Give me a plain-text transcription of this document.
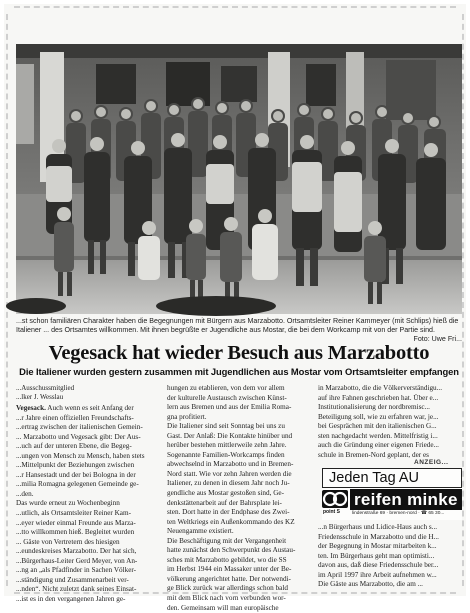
...st schon familiären Charakter haben die Begegnungen mit Bürgern aus Marzabotto. Ortsamtsleiter Reiner Kammeyer (mit Schlips) hieß die Italiener ... des Ortsamtes willkommen. Mit ihnen begrüßte er Jugendliche aus Mostar, die bei dem Workcamp mit von der Partie sind.
Foto: Uwe Fri...
Vegesack hat wieder Besuch aus Marzabotto
Die Italiener wurden gestern zusammen mit Jugendlichen aus Mostar vom Ortsamtsleiter empfangen
...Ausschussmitglied
...lker J. Wesslau
Vegesack. Auch wenn es seit Anfang der
...r Jahre einen offiziellen Freundschafts-
...ertrag zwischen der italienischen Gemein-
... Marzabotto und Vegesack gibt: Der Aus-
...uch auf der unteren Ebene, die Begeg-
...ungen von Mensch zu Mensch, haben stets
...Mittelpunkt der Beziehungen zwischen
...r Hansestadt und der bei Bologna in der
...milia Romagna gelegenen Gemeinde ge-
...den.
Das wurde erneut zu Wochenbeginn
...utlich, als Ortsamtsleiter Reiner Kam-
...eyer wieder einmal Freunde aus Marza-
...tto willkommen hieß. Begleitet wurden
... Gäste von Vertretern des hiesigen
...eundeskreises Marzabotto. Der hat sich,
...Bürgerhaus-Leiter Gerd Meyer, von An-
...ng an „als Pfadfinder in Sachen Völker-
...ständigung und Zusammenarbeit ver-
...nden“. Nicht zuletzt dank seines Einsat-
...ist es in den vergangenen Jahren ge-
hungen zu etablieren, von dem vor allem
der kulturelle Austausch zwischen Künst-
lern aus Bremen und aus der Emilia Roma-
gna profitiert.
Die Italiener sind seit Sonntag bei uns zu
Gast. Der Anlaß: Die Kontakte hinüber und
herüber bestehen mittlerweile zehn Jahre.
Sogenannte Familien-Workcamps finden
abwechselnd in Marzabotto und in Bremen-
Nord statt. Wie vor zehn Jahren werden die
Italiener, zu denen in diesem Jahr noch Ju-
gendliche aus Mostar gestoßen sind, Ge-
denkstättenarbeit auf der Bahrsplate lei-
sten. Dort hatte in der Endphase des Zwei-
ten Weltkriegs ein Außenkommando des KZ
Neuengamme existiert.
Die Beschäftigung mit der Vergangenheit
hatte zunächst den Schwerpunkt des Austau-
sches mit Marzabotto gebildet, wo die SS
im Herbst 1944 ein Massaker unter der Be-
völkerung angerichtet hatte. Der notwendi-
ge Blick zurück war allerdings schon bald
mit dem Blick nach vorn verbunden wor-
den. Gemeinsam will man europäische
in Marzabotto, die die Völkerverständigu...
auf ihre Fahnen geschrieben hat. Über e...
Institutionalisierung der nordbremisc...
Beteiligung soll, wie zu erfahren war, je...
bei Gesprächen mit den italienischen G...
sten nachgedacht werden. Mittelfristig i...
auch die Gründung einer eigenen Friede...
schule in Bremen-Nord geplant, der es
ANZEIG...
Jeden Tag AU
point S
reifen minke
lindenstraße 69 · bremen-nord · ☎ 65 30...
...n Bürgerhaus und Lidice-Haus auch s...
Friedensschule in Marzabotto und die H...
der Begegnung in Mostar mitarbeiten k...
ten. Im Bürgerhaus geht man optimisti...
davon aus, daß diese Friedensschule ber...
im April 1997 ihre Arbeit aufnehmen w...
Die Gäste aus Marzabotto, die am ...
